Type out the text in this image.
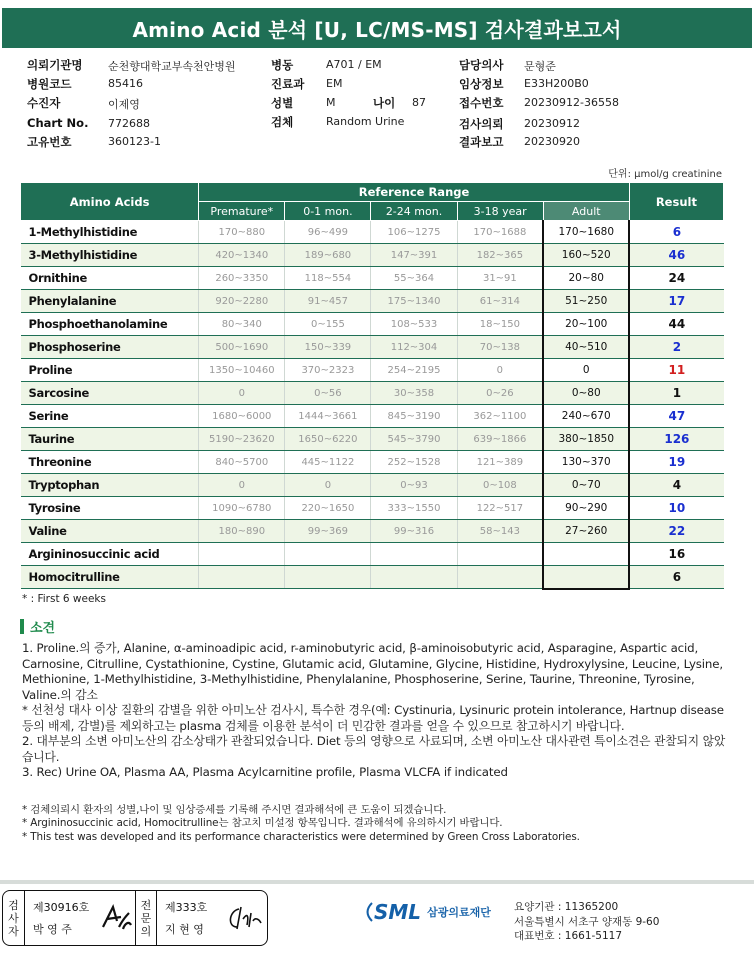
Amino Acid 분석 [U, LC/MS-MS] 검사결과보고서
의뢰기관명 순천향대학교부속천안병원
병원코드	85416
수진자	이제영
Chart No. 772688
고유번호	360123-1
병동	A701 / EM
진료과 EM
성별	M	나이 87
검체	Random Urine
담당의사 문형준
임상정보 E33H200B0
접수번호 20230912-36558
검사의뢰 20230912
결과보고 20230920
단위: μmol/g creatinine
Amino Acids	Reference Range					Result
	Premature*	0-1 mon.	2-24 mon.	3-18 year	Adult	
1-Methylhistidine	170~880	96~499	106~1275	170~1688	170~1680	6
3-Methylhistidine	420~1340	189~680	147~391	182~365	160~520	46
Ornithine	260~3350	118~554	55~364	31~91	20~80	24
Phenylalanine	920~2280	91~457	175~1340	61~314	51~250	17
Phosphoethanolamine	80~340	0~155	108~533	18~150	20~100	44
Phosphoserine	500~1690	150~339	112~304	70~138	40~510	2
Proline	1350~10460	370~2323	254~2195	0	0	11
Sarcosine	0	0~56	30~358	0~26	0~80	1
Serine	1680~6000	1444~3661	845~3190	362~1100	240~670	47
Taurine	5190~23620	1650~6220	545~3790	639~1866	380~1850	126
Threonine	840~5700	445~1122	252~1528	121~389	130~370	19
Tryptophan	0	0	0~93	0~108	0~70	4
Tyrosine	1090~6780	220~1650	333~1550	122~517	90~290	10
Valine	180~890	99~369	99~316	58~143	27~260	22
Argininosuccinic acid						16
Homocitrulline						6
* : First 6 weeks
소견

1. Proline.의 증가, Alanine, α-aminoadipic acid, r-aminobutyric acid, β-aminoisobutyric acid, Asparagine, Aspartic acid, Carnosine, Citrulline, Cystathionine, Cystine, Glutamic acid, Glutamine, Glycine, Histidine, Hydroxylysine, Leucine, Lysine, Methionine, 1-Methylhistidine, 3-Methylhistidine, Phenylalanine, Phosphoserine, Serine, Taurine, Threonine, Tyrosine, Valine.의 감소

* 선천성 대사 이상 질환의 감별을 위한 아미노산 검사시, 특수한 경우(예: Cystinuria, Lysinuric protein intolerance, Hartnup disease 등의 배제, 감별)를 제외하고는 plasma 검체를 이용한 분석이 더 민감한 결과를 얻을 수 있으므로 참고하시기 바랍니다.

2. 대부분의 소변 아미노산의 감소상태가 관찰되었습니다. Diet 등의 영향으로 사료되며, 소변 아미노산 대사관련 특이소견은 관찰되지 않았습니다.

3. Rec) Urine OA, Plasma AA, Plasma Acylcarnitine profile, Plasma VLCFA if indicated

* 검체의뢰시 환자의 성별,나이 및 임상증세를 기록해 주시면 결과해석에 큰 도움이 되겠습니다.

* Argininosuccinic acid, Homocitrulline는 참고치 미설정 항목입니다. 결과해석에 유의하시기 바랍니다.

* This test was developed and its performance characteristics were determined by Green Cross Laboratories.

검
사
자
제30916호
박 영 주
전
문
의
제333호
지 현 영
SML 삼광의료재단 요양기관 : 11365200
서울특별시 서초구 양재동 9-60
대표번호 : 1661-5117
